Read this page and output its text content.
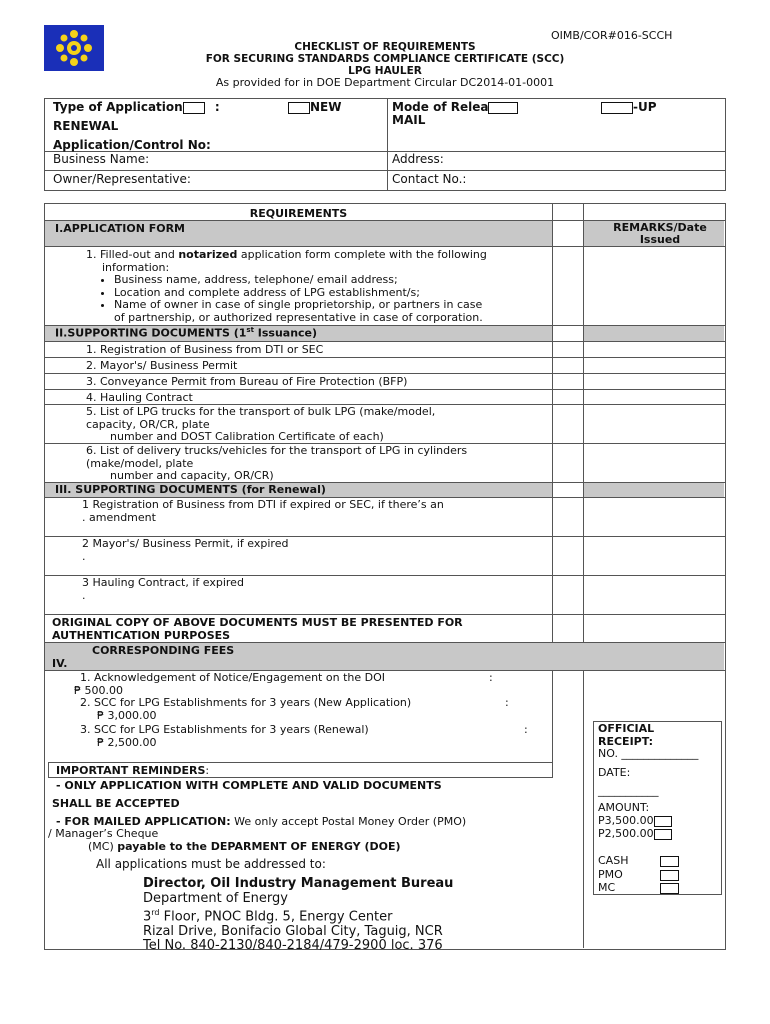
OIMB/COR#016-SCCH
CHECKLIST OF REQUIREMENTS
FOR SECURING STANDARDS COMPLIANCE CERTIFICATE (SCC)
LPG HAULER
As provided for in DOE Department Circular DC2014-01-0001
Type of Application	:	NEW
RENEWAL
Application/Control No:
Mode of Relea	-UP
MAIL
Business Name:	Address:
Owner/Representative:	Contact No.:
REQUIREMENTS
I.APPLICATION FORM	REMARKS/Date Issued
1. Filled-out and notarized application form complete with the following
information:
• Business name, address, telephone/ email address;
• Location and complete address of LPG establishment/s;
• Name of owner in case of single proprietorship, or partners in case
of partnership, or authorized representative in case of corporation.
II.SUPPORTING DOCUMENTS (1st Issuance)
1. Registration of Business from DTI or SEC
2. Mayor's/ Business Permit
3. Conveyance Permit from Bureau of Fire Protection (BFP)
4. Hauling Contract
5. List of LPG trucks for the transport of bulk LPG (make/model,
capacity, OR/CR, plate
number and DOST Calibration Certificate of each)
6. List of delivery trucks/vehicles for the transport of LPG in cylinders
(make/model, plate
number and capacity, OR/CR)
III. SUPPORTING DOCUMENTS (for Renewal)
1 Registration of Business from DTI if expired or SEC, if there’s an
. amendment
2 Mayor's/ Business Permit, if expired
.
3 Hauling Contract, if expired
.
ORIGINAL COPY OF ABOVE DOCUMENTS MUST BE PRESENTED FOR AUTHENTICATION PURPOSES
CORRESPONDING FEES
IV.
1. Acknowledgement of Notice/Engagement on the DOI	:
₱ 500.00
2. SCC for LPG Establishments for 3 years (New Application)	:
₱ 3,000.00
3. SCC for LPG Establishments for 3 years (Renewal)	:
₱ 2,500.00
OFFICIAL
RECEIPT:
NO. ______________
DATE:
___________
AMOUNT:
P3,500.00
P2,500.00
CASH
PMO
MC
IMPORTANT REMINDERS:
- ONLY APPLICATION WITH COMPLETE AND VALID DOCUMENTS
SHALL BE ACCEPTED
- FOR MAILED APPLICATION: We only accept Postal Money Order (PMO)
/ Manager’s Cheque
(MC) payable to the DEPARMENT OF ENERGY (DOE)
All applications must be addressed to:
Director, Oil Industry Management Bureau
Department of Energy
3rd Floor, PNOC Bldg. 5, Energy Center
Rizal Drive, Bonifacio Global City, Taguig, NCR
Tel No. 840-2130/840-2184/479-2900 loc. 376
